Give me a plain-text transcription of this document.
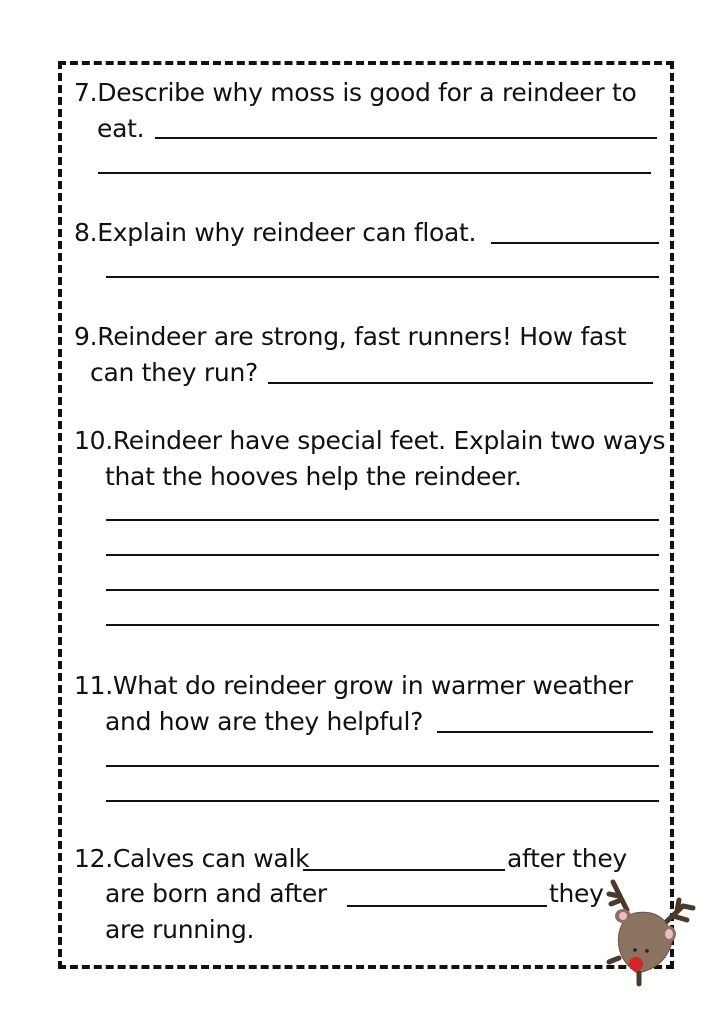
7.Describe why moss is good for a reindeer to
eat.
8.Explain why reindeer can float.
9.Reindeer are strong, fast runners! How fast
can they run?
10.Reindeer have special feet. Explain two ways
that the hooves help the reindeer.
11.What do reindeer grow in warmer weather
and how are they helpful?
12.Calves can walk	after they
are born and after	they
are running.
